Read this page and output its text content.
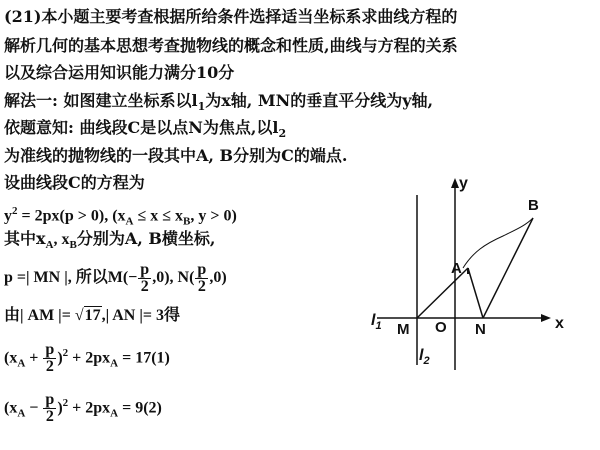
(21)本小题主要考查根据所给条件选择适当坐标系求曲线方程的
解析几何的基本思想考查抛物线的概念和性质,曲线与方程的关系
以及综合运用知识能力满分10分
解法一: 如图建立坐标系以$l_1$为x轴, MN的垂直平分线为y轴,
依题意知: 曲线段C是以点N为焦点,以$l_2$
为准线的抛物线的一段其中A, B分别为C的端点.
设曲线段C的方程为
$y^2 = 2px(p > 0)$, ($x_A \le x \le x_B$, y > 0)
其中$x_A$, $x_B$分别为A, B横坐标,
p =| MN |, 所以$M(- \frac{p}{2} ,0)$, $N( \frac{p}{2} ,0)$
由| AM |= √17,| AN |= 3得
$(x_A + \frac{p}{2} )^2 + 2px_A = 17(1)$
$(x_A - \frac{p}{2} )^2 + 2px_A = 9(2)$
y
x
B
A
M O N
$l_1$
$l_2$
